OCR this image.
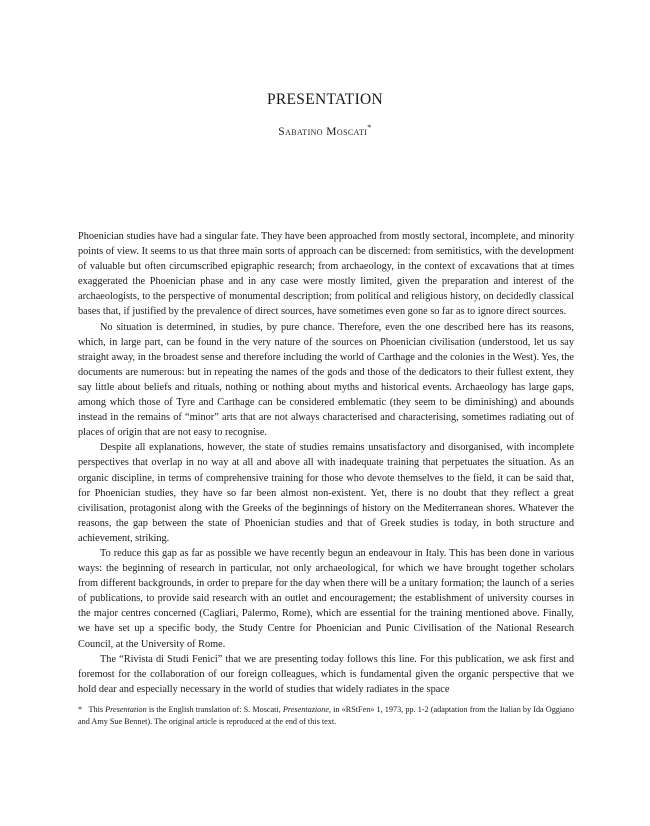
PRESENTATION
Sabatino Moscati*

Phoenician studies have had a singular fate. They have been approached from mostly sectoral, incomplete, and minority points of view. It seems to us that three main sorts of approach can be discerned: from semitistics, with the development of valuable but often circumscribed epigraphic research; from archaeology, in the context of excavations that at times exaggerated the Phoenician phase and in any case were mostly limited, given the preparation and interest of the archaeologists, to the perspective of monumental description; from political and religious history, on decidedly classical bases that, if justified by the prevalence of direct sources, have sometimes even gone so far as to ignore direct sources.

No situation is determined, in studies, by pure chance. Therefore, even the one described here has its reasons, which, in large part, can be found in the very nature of the sources on Phoenician civilisation (understood, let us say straight away, in the broadest sense and therefore including the world of Carthage and the colonies in the West). Yes, the documents are numerous: but in repeating the names of the gods and those of the dedicators to their fullest extent, they say little about beliefs and rituals, nothing or nothing about myths and historical events. Archaeology has large gaps, among which those of Tyre and Carthage can be considered emblematic (they seem to be diminishing) and abounds instead in the remains of “minor” arts that are not always characterised and characterising, sometimes radiating out of places of origin that are not easy to recognise.

Despite all explanations, however, the state of studies remains unsatisfactory and disorganised, with incomplete perspectives that overlap in no way at all and above all with inadequate training that perpetuates the situation. As an organic discipline, in terms of comprehensive training for those who devote themselves to the field, it can be said that, for Phoenician studies, they have so far been almost non-existent. Yet, there is no doubt that they reflect a great civilisation, protagonist along with the Greeks of the beginnings of history on the Mediterranean shores. Whatever the reasons, the gap between the state of Phoenician studies and that of Greek studies is today, in both structure and achievement, striking.

To reduce this gap as far as possible we have recently begun an endeavour in Italy. This has been done in various ways: the beginning of research in particular, not only archaeological, for which we have brought together scholars from different backgrounds, in order to prepare for the day when there will be a unitary formation; the launch of a series of publications, to provide said research with an outlet and encouragement; the establishment of university courses in the major centres concerned (Cagliari, Palermo, Rome), which are essential for the training mentioned above. Finally, we have set up a specific body, the Study Centre for Phoenician and Punic Civilisation of the National Research Council, at the University of Rome.

The “Rivista di Studi Fenici” that we are presenting today follows this line. For this publication, we ask first and foremost for the collaboration of our foreign colleagues, which is fundamental given the organic perspective that we hold dear and especially necessary in the world of studies that widely radiates in the space

* This Presentation is the English translation of: S. Moscati, Presentazione, in «RStFen» 1, 1973, pp. 1-2 (adaptation from the Italian by Ida Oggiano and Amy Sue Bennet). The original article is reproduced at the end of this text.
